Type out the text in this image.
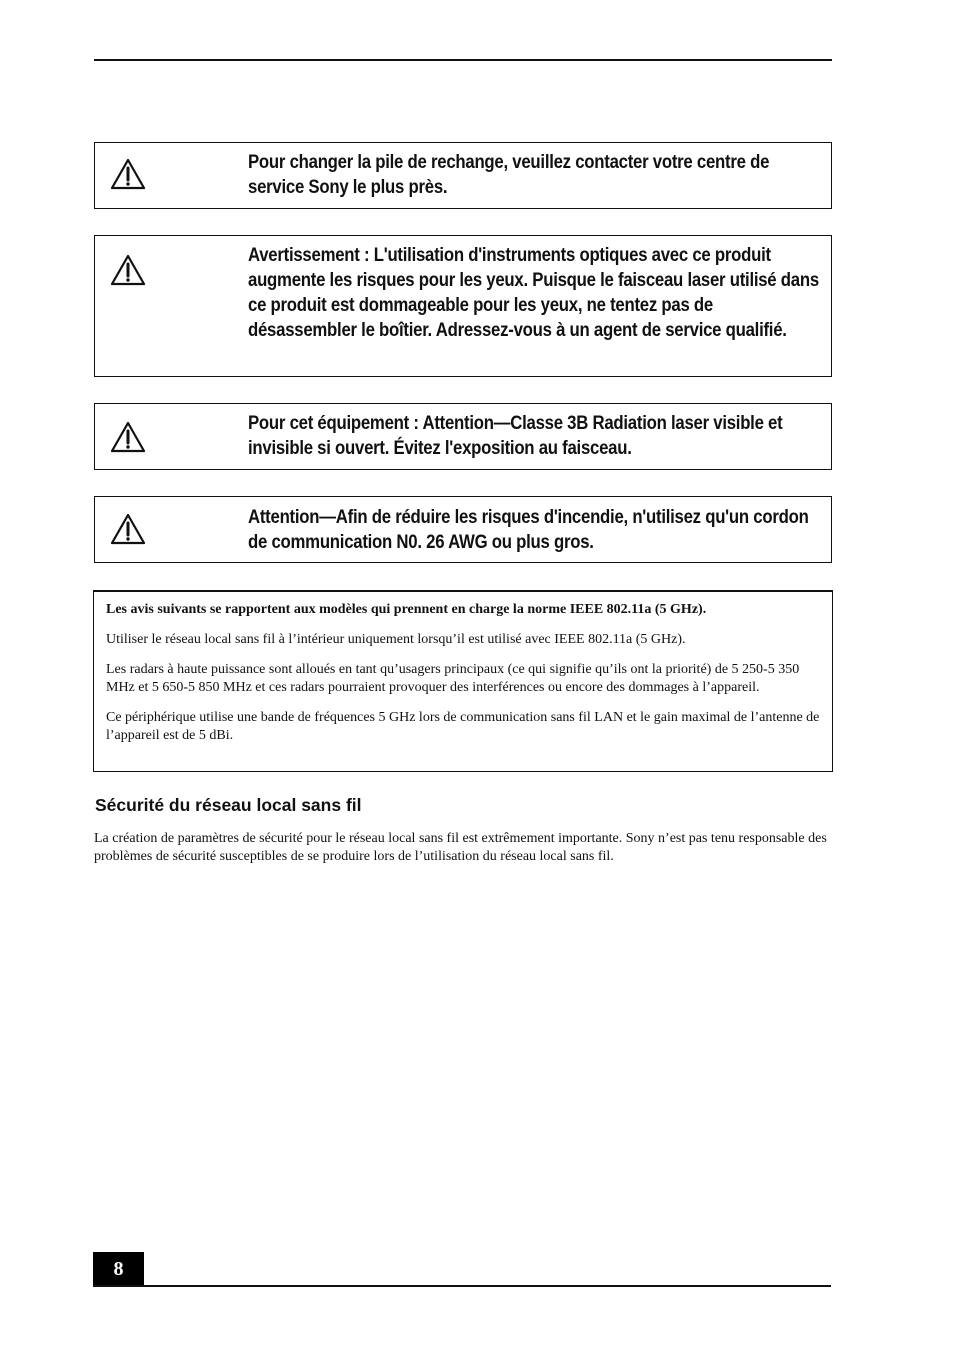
Pour changer la pile de rechange, veuillez contacter votre centre de service Sony le plus près.
Avertissement : L'utilisation d'instruments optiques avec ce produit augmente les risques pour les yeux. Puisque le faisceau laser utilisé dans ce produit est dommageable pour les yeux, ne tentez pas de désassembler le boîtier. Adressez-vous à un agent de service qualifié.
Pour cet équipement : Attention—Classe 3B Radiation laser visible et invisible si ouvert. Évitez l'exposition au faisceau.
Attention—Afin de réduire les risques d'incendie, n'utilisez qu'un cordon de communication N0. 26 AWG ou plus gros.

Les avis suivants se rapportent aux modèles qui prennent en charge la norme IEEE 802.11a (5 GHz).

Utiliser le réseau local sans fil à l’intérieur uniquement lorsqu’il est utilisé avec IEEE 802.11a (5 GHz).

Les radars à haute puissance sont alloués en tant qu’usagers principaux (ce qui signifie qu’ils ont la priorité) de 5 250-5 350 MHz et 5 650-5 850 MHz et ces radars pourraient provoquer des interférences ou encore des dommages à l’appareil.

Ce périphérique utilise une bande de fréquences 5 GHz lors de communication sans fil LAN et le gain maximal de l’antenne de l’appareil est de 5 dBi.

Sécurité du réseau local sans fil

La création de paramètres de sécurité pour le réseau local sans fil est extrêmement importante. Sony n’est pas tenu responsable des problèmes de sécurité susceptibles de se produire lors de l’utilisation du réseau local sans fil.

8
